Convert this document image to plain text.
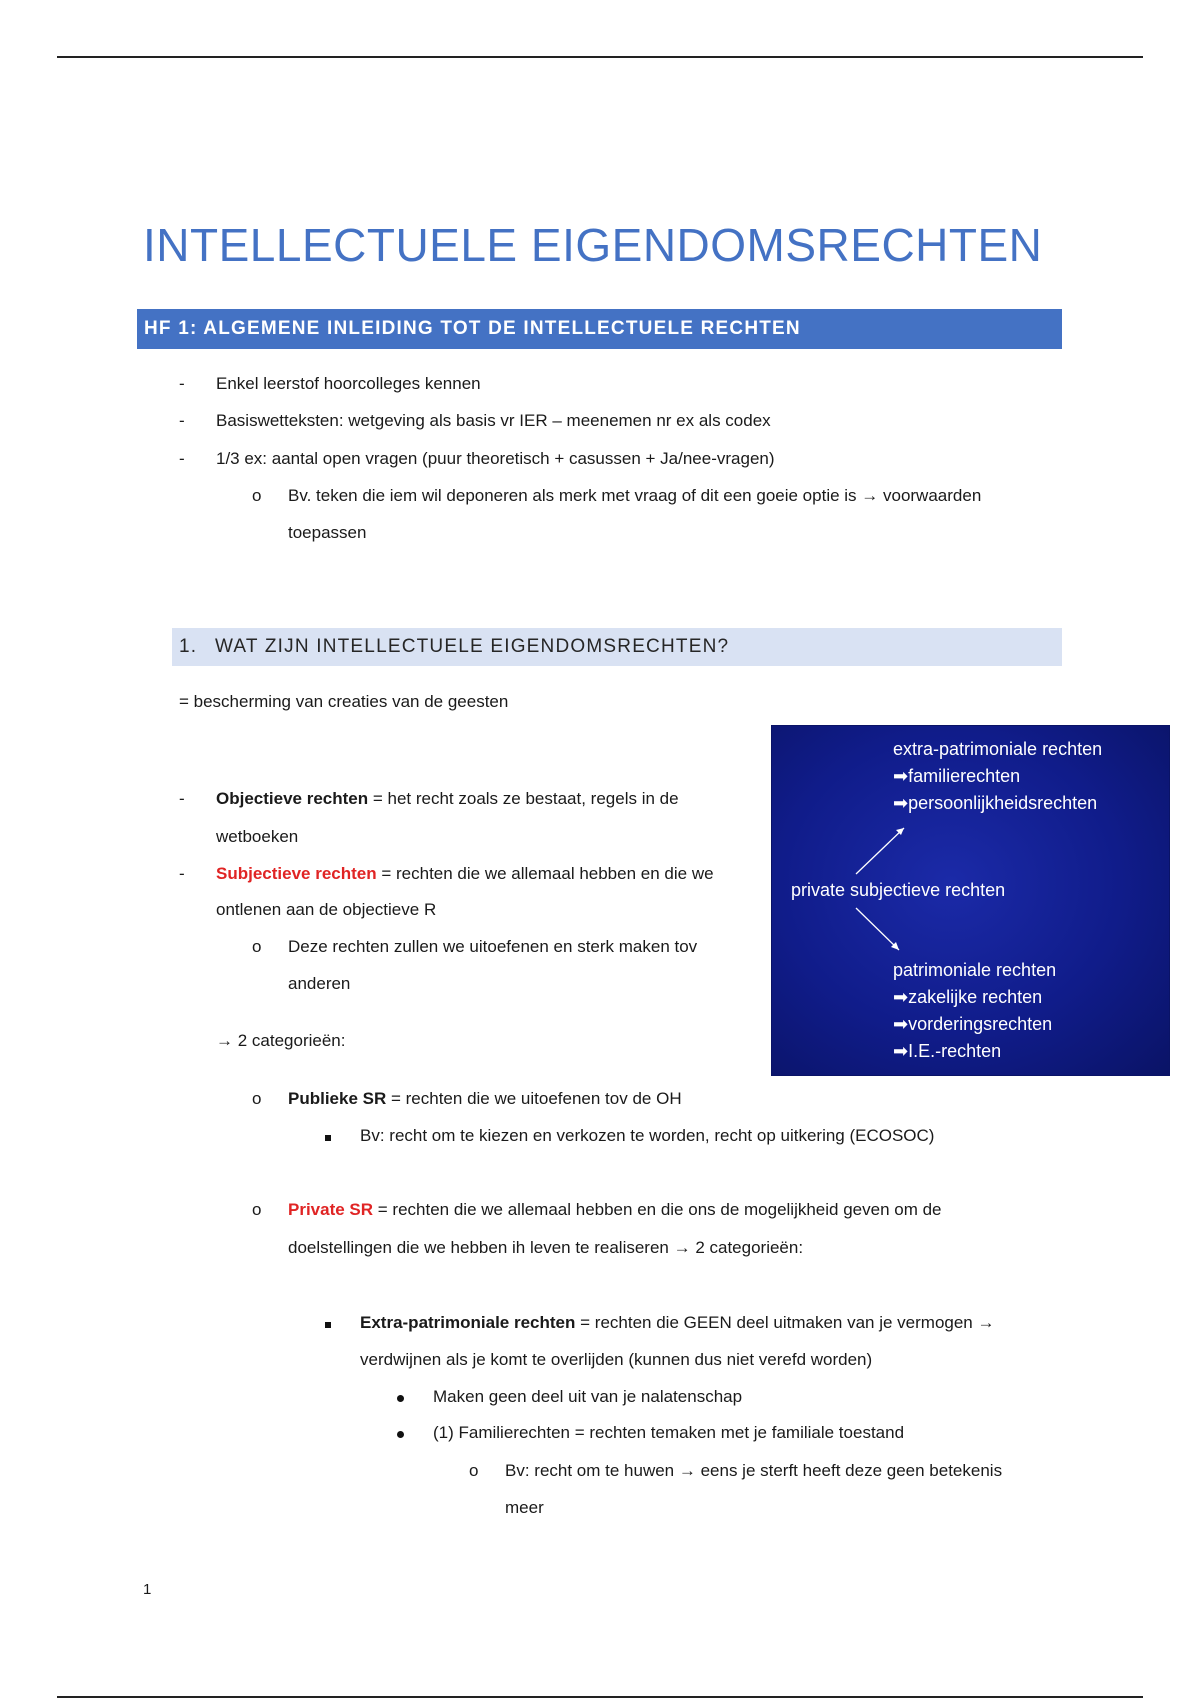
INTELLECTUELE EIGENDOMSRECHTEN
HF 1: ALGEMENE INLEIDING TOT DE INTELLECTUELE RECHTEN
- Enkel leerstof hoorcolleges kennen
- Basiswetteksten: wetgeving als basis vr IER – meenemen nr ex als codex
- 1/3 ex: aantal open vragen (puur theoretisch + casussen + Ja/nee-vragen)
o Bv. teken die iem wil deponeren als merk met vraag of dit een goeie optie is → voorwaarden
toepassen
1. WAT ZIJN INTELLECTUELE EIGENDOMSRECHTEN?
= bescherming van creaties van de geesten
- Objectieve rechten = het recht zoals ze bestaat, regels in de
wetboeken
- Subjectieve rechten = rechten die we allemaal hebben en die we
ontlenen aan de objectieve R
o Deze rechten zullen we uitoefenen en sterk maken tov
anderen
→ 2 categorieën:
o Publieke SR = rechten die we uitoefenen tov de OH
Bv: recht om te kiezen en verkozen te worden, recht op uitkering (ECOSOC)
o Private SR = rechten die we allemaal hebben en die ons de mogelijkheid geven om de
doelstellingen die we hebben ih leven te realiseren → 2 categorieën:
Extra-patrimoniale rechten = rechten die GEEN deel uitmaken van je vermogen →
verdwijnen als je komt te overlijden (kunnen dus niet verefd worden)
Maken geen deel uit van je nalatenschap
(1) Familierechten = rechten temaken met je familiale toestand
o Bv: recht om te huwen → eens je sterft heeft deze geen betekenis
meer
extra-patrimoniale rechten
➡familierechten
➡persoonlijkheidsrechten
private subjectieve rechten
patrimoniale rechten
➡zakelijke rechten
➡vorderingsrechten
➡I.E.-rechten
1
